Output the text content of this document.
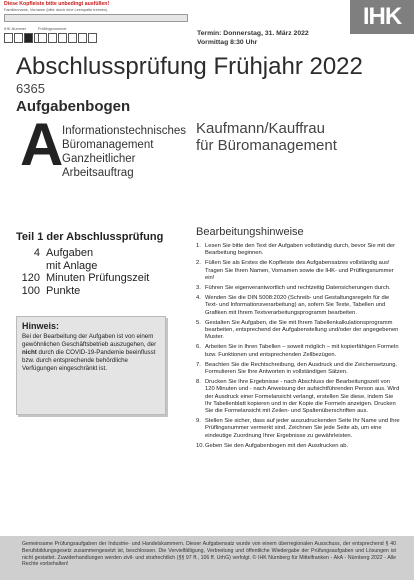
Diese Kopfleiste bitte unbedingt ausfüllen!
Familienname, Vorname (bitte durch eine Leerspalte trennen)
IHK-Nummer	Prüflingsnummer
Termin: Donnerstag, 31. März 2022
Vormittag 8:30 Uhr
IHK
Abschlussprüfung Frühjahr 2022
6365
Aufgabenbogen
A
Informationstechnisches
Büromanagement
Ganzheitlicher
Arbeitsauftrag
Kaufmann/Kauffrau
für Büromanagement
Teil 1 der Abschlussprüfung
4 Aufgaben
mit Anlage
120 Minuten Prüfungszeit
100 Punkte
Hinweis:
Bei der Bearbeitung der Aufgaben ist von einem gewöhnlichen Geschäftsbetrieb auszugehen, der nicht durch die COVID-19-Pandemie beeinflusst bzw. durch entsprechende behördliche Verfügungen eingeschränkt ist.
Bearbeitungshinweise
1. Lesen Sie bitte den Text der Aufgaben vollständig durch, bevor Sie mit der Bearbeitung beginnen.
2. Füllen Sie als Erstes die Kopfleiste des Aufgabensatzes vollständig aus! Tragen Sie Ihren Namen, Vornamen sowie die IHK- und Prüflingsnummer ein!
3. Führen Sie eigenverantwortlich und rechtzeitig Datensicherungen durch.
4. Wenden Sie die DIN 5008:2020 (Schreib- und Gestaltungsregeln für die Text- und Informationsverarbeitung) an, sofern Sie Texte, Tabellen und Grafiken mit Ihrem Textverarbeitungsprogramm bearbeiten.
5. Gestalten Sie Aufgaben, die Sie mit Ihrem Tabellenkalkulationsprogramm bearbeiten, entsprechend der Aufgabenstellung und/oder der angegebenen Muster.
6. Arbeiten Sie in Ihren Tabellen – soweit möglich – mit kopierfähigen Formeln bzw. Funktionen und entsprechenden Zellbezügen.
7. Beachten Sie die Rechtschreibung, den Ausdruck und die Zeichensetzung. Formulieren Sie Ihre Antworten in vollständigen Sätzen.
8. Drucken Sie Ihre Ergebnisse - nach Abschluss der Bearbeitungszeit von 120 Minuten und - nach Anweisung der aufsichtführenden Person aus. Wird der Ausdruck einer Formelansicht verlangt, erstellen Sie diese, indem Sie Ihr Tabellenblatt kopieren und in der Kopie die Formeln anzeigen. Drucken Sie die Formelansicht mit Zeilen- und Spaltenüberschriften aus.
9. Stellen Sie sicher, dass auf jeder auszudruckenden Seite Ihr Name und Ihre Prüflingsnummer vermerkt sind. Zeichnen Sie jede Seite ab, um eine eindeutige Zuordnung Ihrer Ergebnisse zu gewährleisten.
10. Geben Sie den Aufgabenbogen mit den Ausdrucken ab.
Gemeinsame Prüfungsaufgaben der Industrie- und Handelskammern. Dieser Aufgabensatz wurde von einem überregionalen Ausschuss, der entsprechend § 40 Berufsbildungsgesetz zusammengesetzt ist, beschlossen. Die Vervielfältigung, Verbreitung und öffentliche Wiedergabe der Prüfungsaufgaben und Lösungen ist nicht gestattet. Zuwiderhandlungen werden zivil- und strafrechtlich (§§ 97 ff., 106 ff. UrhG) verfolgt. © IHK Nürnberg für Mittelfranken - AkA - Nürnberg 2022 - Alle Rechte vorbehalten!
